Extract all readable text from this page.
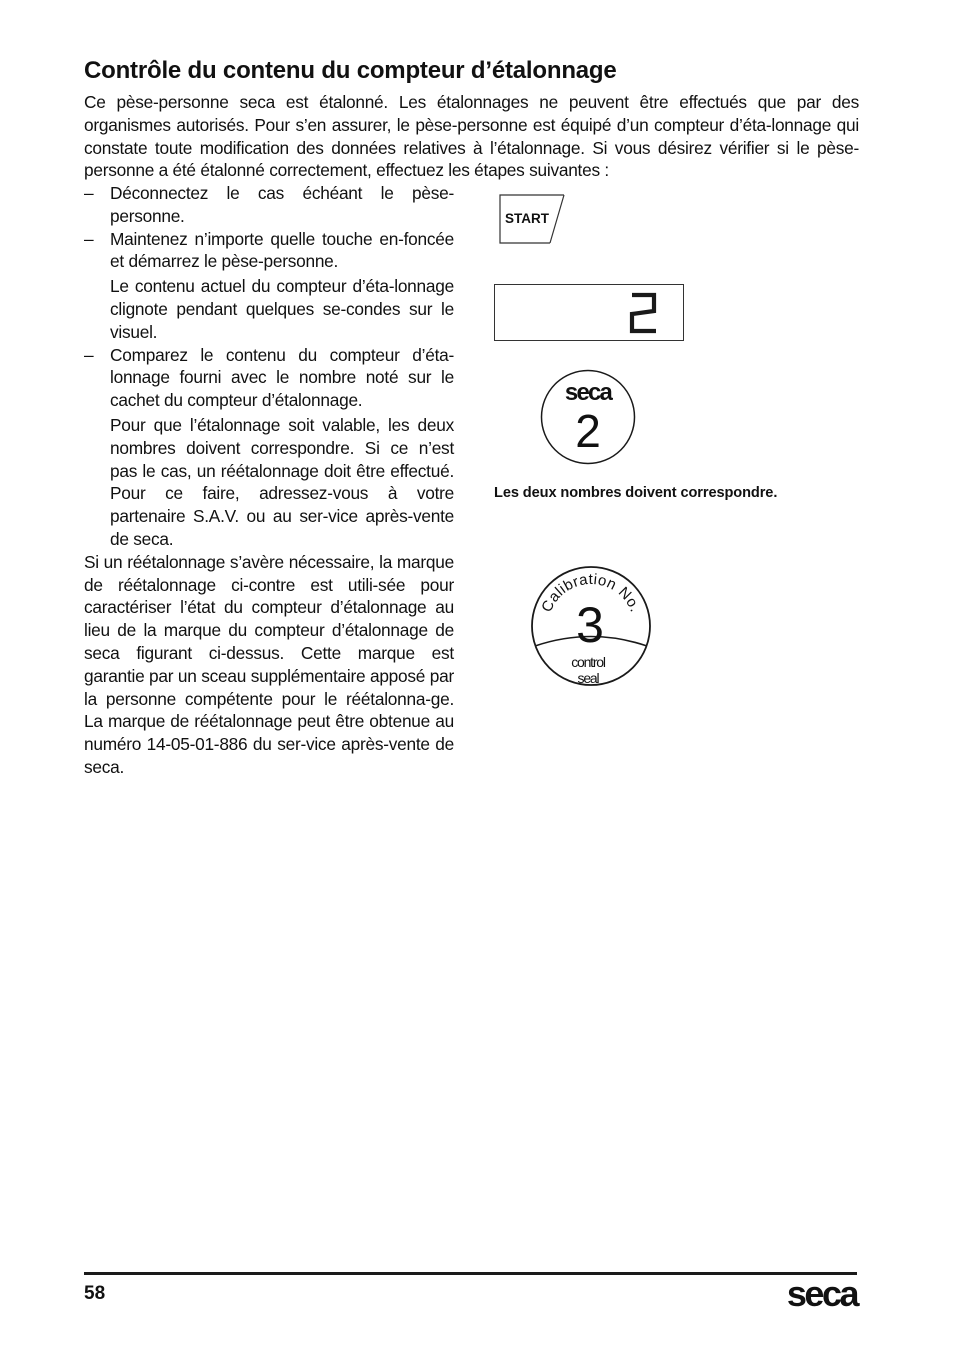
Contrôle du contenu du compteur d’étalonnage

Ce pèse-personne seca est étalonné. Les étalonnages ne peuvent être effectués que par des organismes autorisés. Pour s’en assurer, le pèse-personne est équipé d’un compteur d’éta-lonnage qui constate toute modification des données relatives à l’étalonnage. Si vous désirez vérifier si le pèse-personne a été étalonné correctement, effectuez les étapes suivantes :

– Déconnectez le cas échéant le pèse-personne.

– Maintenez n’importe quelle touche en-foncée et démarrez le pèse-personne.

Le contenu actuel du compteur d’éta-lonnage clignote pendant quelques se-condes sur le visuel.

– Comparez le contenu du compteur d’éta-lonnage fourni avec le nombre noté sur le cachet du compteur d’étalonnage.

Pour que l’étalonnage soit valable, les deux nombres doivent correspondre. Si ce n’est pas le cas, un réétalonnage doit être effectué. Pour ce faire, adressez-vous à votre partenaire S.A.V. ou au ser-vice après-vente de seca.

Si un réétalonnage s’avère nécessaire, la marque de réétalonnage ci-contre est utili-sée pour caractériser l’état du compteur d’étalonnage au lieu de la marque du compteur d’étalonnage de seca figurant ci-dessus. Cette marque est garantie par un sceau supplémentaire apposé par la personne compétente pour le réétalonna-ge. La marque de réétalonnage peut être obtenue au numéro 14-05-01-886 du ser-vice après-vente de seca.

START
seca
2

Les deux nombres doivent correspondre.

Calibration No.
3
control
seal
58	seca
